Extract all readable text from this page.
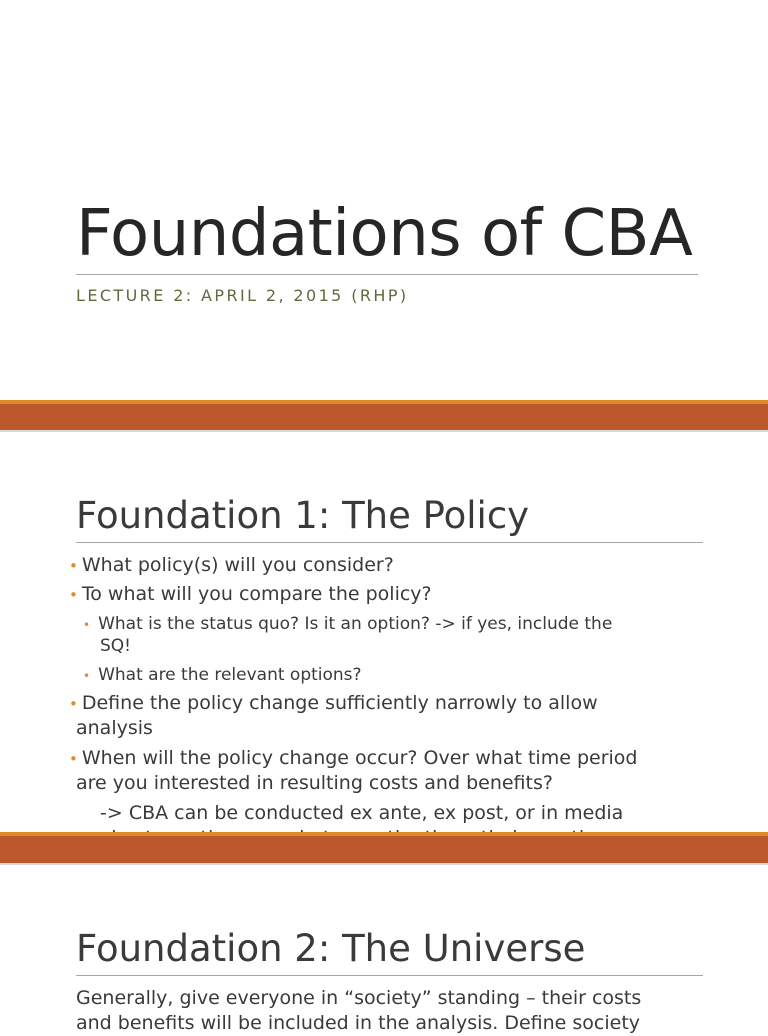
Foundations of CBA

LECTURE 2: APRIL 2, 2015 (RHP)

Foundation 1: The Policy
• What policy(s) will you consider?
• To what will you compare the policy?
• What is the status quo? Is it an option? -> if yes, include the
SQ!
• What are the relevant options?
• Define the policy change sufficiently narrowly to allow
analysis
• When will the policy change occur? Over what time period
are you interested in resulting costs and benefits?
-> CBA can be conducted ex ante, ex post, or in media
Foundation 2: The Universe
Generally, give everyone in “society” standing – their costs
and benefits will be included in the analysis. Define society
